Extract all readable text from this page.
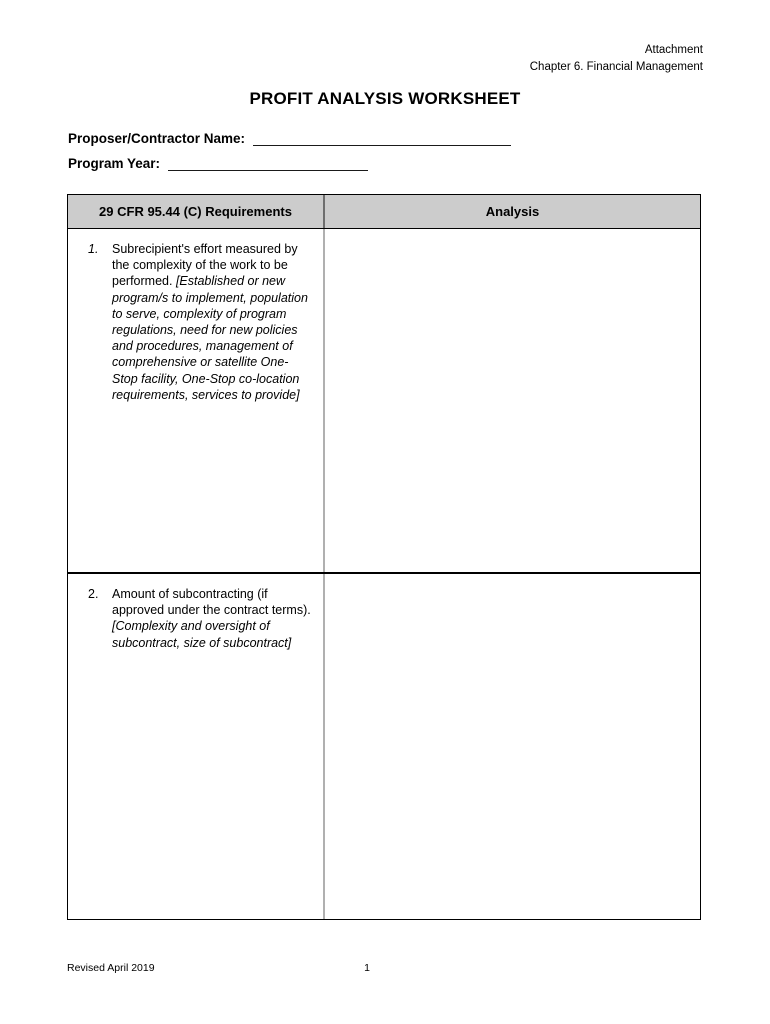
Attachment
Chapter 6. Financial Management
PROFIT ANALYSIS WORKSHEET
Proposer/Contractor Name:
Program Year:
29 CFR 95.44 (C) Requirements	Analysis
1.	Subrecipient's effort measured by the complexity of the work to be performed. [Established or new program/s to implement, population to serve, complexity of program regulations, need for new policies and procedures, management of comprehensive or satellite One-Stop facility, One-Stop co-location requirements, services to provide]
2.	Amount of subcontracting (if approved under the contract terms). [Complexity and oversight of subcontract, size of subcontract]
Revised April 2019	1
